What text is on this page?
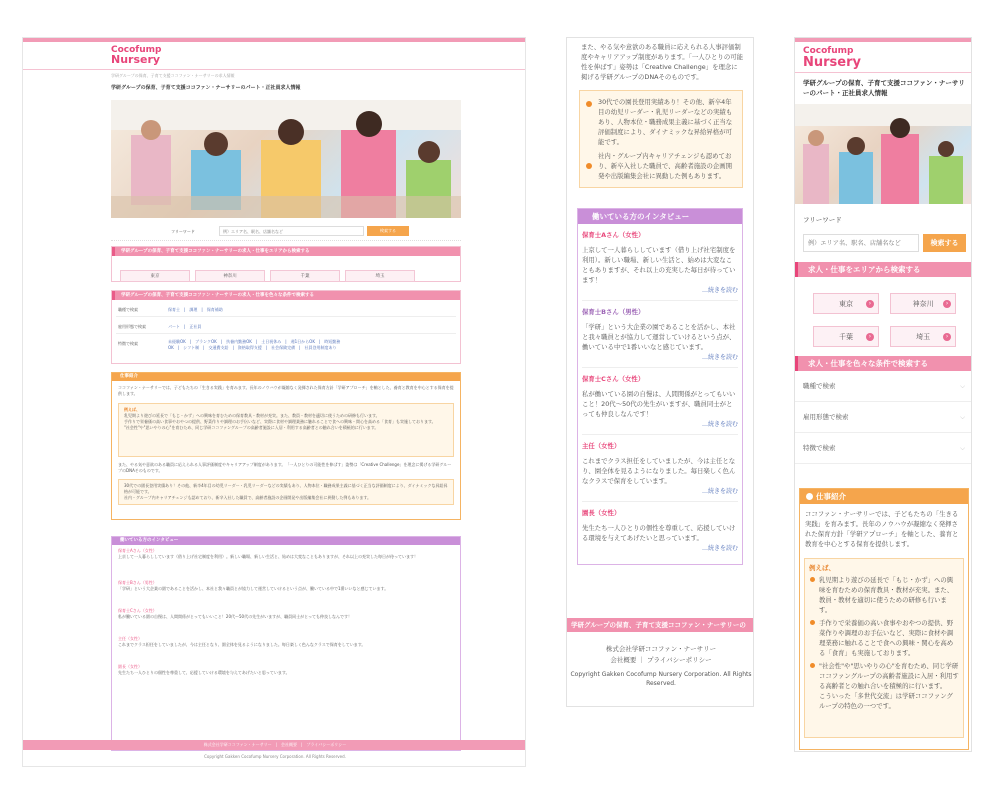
Cocofump
Nursery
学研グループの保育、子育て支援ココファン・ナーサリーの求人情報
学研グループの保育、子育て支援ココファン・ナーサリーのパート・正社員求人情報
フリーワード
例）エリア名、駅名、店舗名など	検索する
学研グループの保育、子育て支援ココファン・ナーサリーの求人・仕事をエリアから検索する
東京	神奈川	千葉	埼玉
学研グループの保育、子育て支援ココファン・ナーサリーの求人・仕事を色々な条件で検索する
職種で検索	保育士　|　調理　|　保育補助
雇用形態で検索	パート　|　正社員
特徴で検索	未経験OK　|　ブランクOK　|　扶養内勤務OK　|　土日祝休み　|　週1日からOK　|　時短勤務OK　|　シフト制　|　交通費支給　|　資格取得支援　|　社会保険完備　|　社員登用制度あり
仕事紹介
ココファン・ナーサリーでは、子どもたちの「生きる実践」を育みます。長年のノウハウが凝縮なく発揮された保育方針「学研アプローチ」を軸とした、養育と教育を中心とする保育を提供します。
例えば、
乳児期より遊びの延長で「もじ・かず」への興味を育むための保育教具・教材が充実。また、教員・教材を適切に使うための研修も行います。
手作りで栄養価の高い食事やおやつの提供、野菜作りや調理のお手伝いなど、実際に食材や調理業務に触れることで食への興味・関心を高める「食育」も実施しております。
"社会性"や"思いやりの心"を育むため、同じ学研ココファングループの高齢者施設に入居・利用する高齢者との触れ合いを積極的に行います。
また、やる気や意欲のある職員に応えられる人事評価制度やキャリアアップ制度があります。「一人ひとりの可能性を伸ばす」姿勢は「Creative Challenge」を理念に掲げる学研グループのDNAそのものです。
30代での園長登用実績あり！その他、新卒4年目の幼児リーダー・乳児リーダーなどの実績もあり、人物本位・職務成果主義に基づく正当な評価制度により、ダイナミックな昇給昇格が可能です。
社内・グループ内キャリアチェンジも認めており、新卒入社した職員で、高齢者施設の企画開発や出版編集会社に異動した例もあります。
働いている方のインタビュー
保育士Aさん（女性）
上京して一人暮らししています（借り上げ社宅制度を利用）。新しい職場、新しい生活と、始めは大変なこともありますが、それ以上の充実した毎日が待っています！
保育士Bさん（男性）
「学研」という大企業の園であることを活かし、本社と我々職員とが協力して運営していけるという点が、働いている中で1番いいなと感じています。
保育士Cさん（女性）
私が働いている園の自慢は、人間関係がとってもいいこと！20代〜50代の先生がいますが、職員同士がとっても仲良しなんです！
主任（女性）
これまでクラス担任をしていましたが、今は主任となり、園全体を見るようになりました。毎日楽しく色んなクラスで保育をしています。
園長（女性）
先生たち一人ひとりの個性を尊重して、応援していける環境を与えてあげたいと思っています。
株式会社学研ココファン・ナーサリー　|　会社概要　|　プライバシーポリシー
Copyright Gakken Cocofump Nursery Corporation. All Rights Reserved.
また、やる気や意欲のある職員に応えられる人事評価制度やキャリアアップ制度があります。「一人ひとりの可能性を伸ばす」姿勢は「Creative Challenge」を理念に掲げる学研グループのDNAそのものです。
30代での園長登用実績あり！その他、新卒4年目の幼児リーダー・乳児リーダーなどの実績もあり、人物本位・職務成果主義に基づく正当な評価制度により、ダイナミックな昇給昇格が可能です。
社内・グループ内キャリアチェンジも認めており、新卒入社した職員で、高齢者施設の企画開発や出版編集会社に異動した例もあります。
働いている方のインタビュー
保育士Aさん（女性）
上京して一人暮らししています（借り上げ社宅制度を利用）。新しい職場、新しい生活と、始めは大変なこともありますが、それ以上の充実した毎日が待っています！
…続きを読む
保育士Bさん（男性）
「学研」という大企業の園であることを活かし、本社と我々職員とが協力して運営していけるという点が、働いている中で1番いいなと感じています。
…続きを読む
保育士Cさん（女性）
私が働いている園の自慢は、人間関係がとってもいいこと！20代〜50代の先生がいますが、職員同士がとっても仲良しなんです！
…続きを読む
主任（女性）
これまでクラス担任をしていましたが、今は主任となり、園全体を見るようになりました。毎日楽しく色んなクラスで保育をしています。
…続きを読む
園長（女性）
先生たち一人ひとりの個性を尊重して、応援していける環境を与えてあげたいと思っています。
…続きを読む
学研グループの保育、子育て支援ココファン・ナーサリーの
株式会社学研ココファン・ナーサリー
会社概要 ｜ プライバシーポリシー
Copyright Gakken Cocofump Nursery Corporation. All Rights Reserved.
Cocofump
Nursery
学研グループの保育、子育て支援ココファン・ナーサリーのパート・正社員求人情報
フリーワード
例）エリア名、駅名、店舗名など
検索する
求人・仕事をエリアから検索する
東京	›	神奈川	›
千葉	›	埼玉	›
求人・仕事を色々な条件で検索する
職種で検索	⌵
雇用形態で検索	⌵
特徴で検索	⌵
仕事紹介
ココファン・ナーサリーでは、子どもたちの「生きる実践」を育みます。長年のノウハウが凝縮なく発揮された保育方針「学研アプローチ」を軸とした、養育と教育を中心とする保育を提供します。
例えば、
乳児期より遊びの延長で「もじ・かず」への興味を育むための保育教具・教材が充実。また、教員・教材を適切に使うための研修も行います。
手作りで栄養価の高い食事やおやつの提供、野菜作りや調理のお手伝いなど、実際に食材や調理業務に触れることで食への興味・関心を高める「食育」も実施しております。
"社会性"や"思いやりの心"を育むため、同じ学研ココファングループの高齢者施設に入居・利用する高齢者との触れ合いを積極的に行います。
こういった「多世代交流」は学研ココファングループの特色の一つです。
